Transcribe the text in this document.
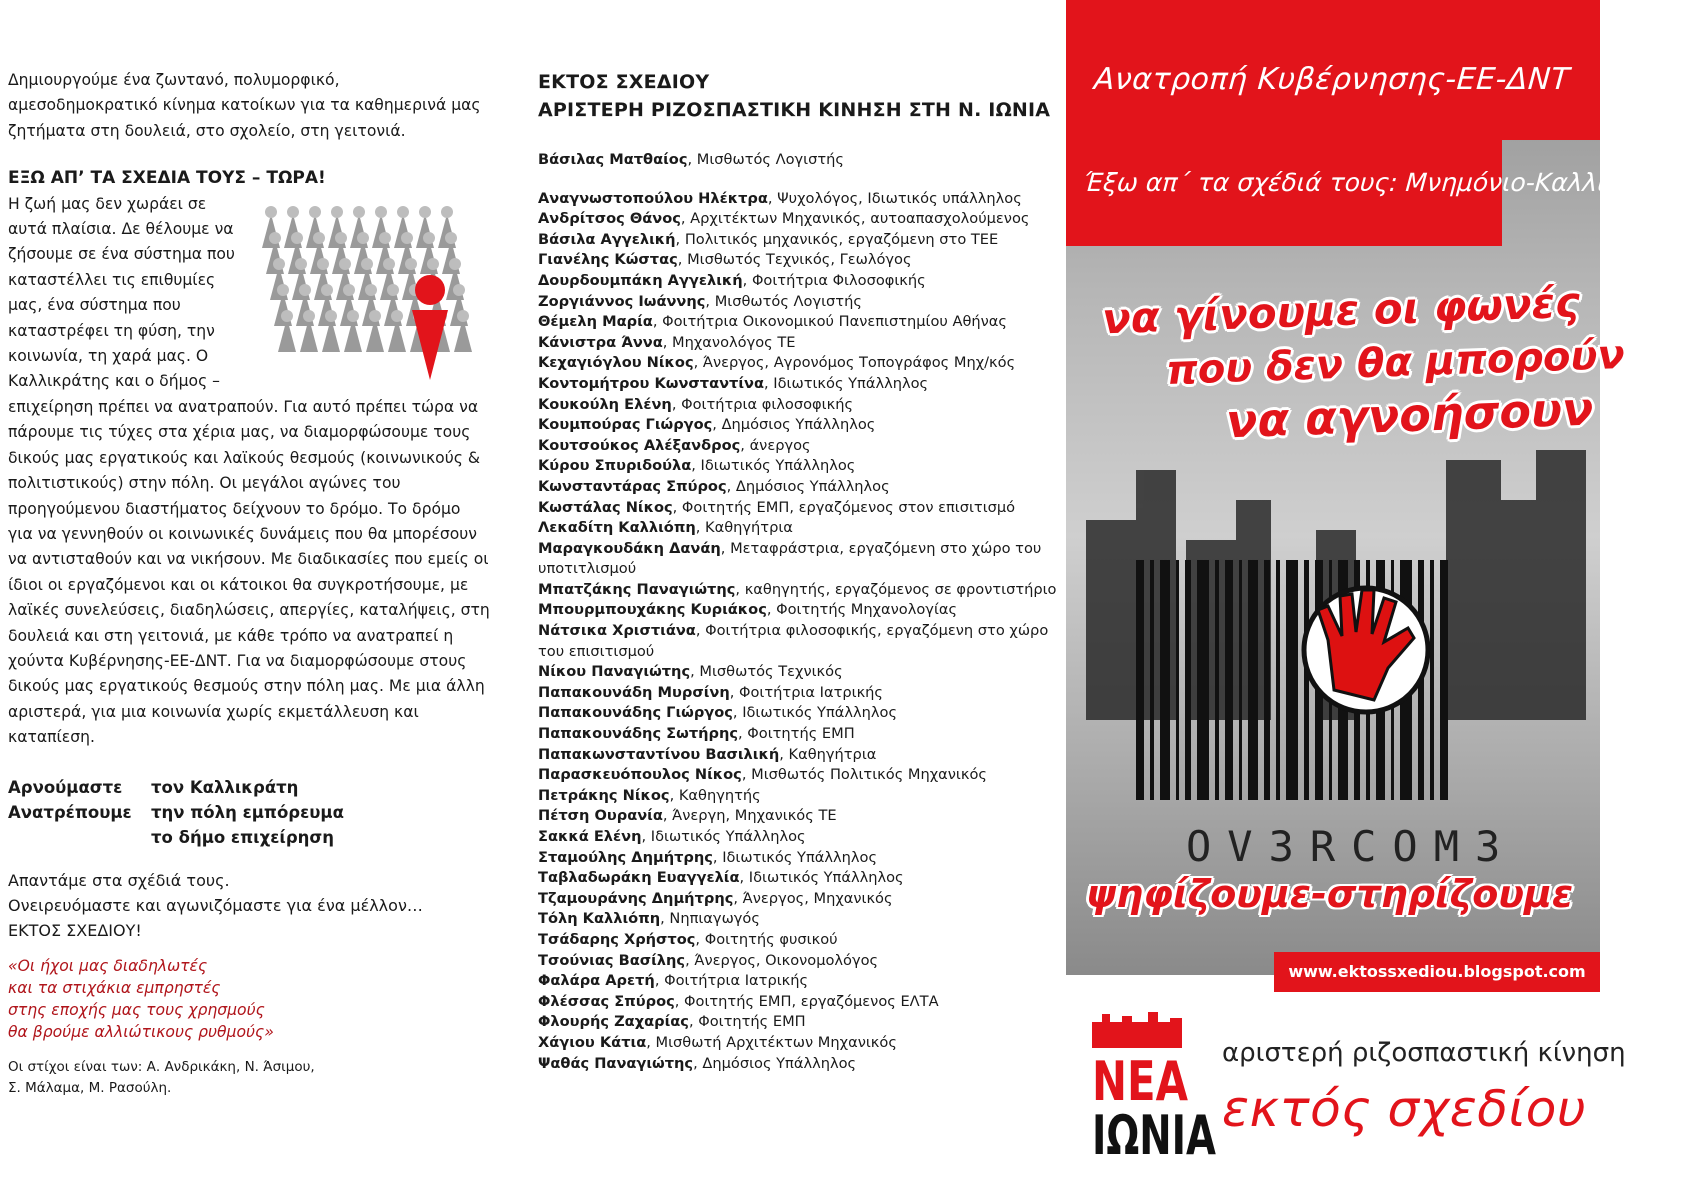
Δημιουργούμε ένα ζωντανό, πολυμορφικό, αμεσοδημοκρατικό κίνημα κατοίκων για τα καθημερινά μας ζητήματα στη δουλειά, στο σχολείο, στη γειτονιά.

ΕΞΩ ΑΠ’ ΤΑ ΣΧΕΔΙΑ ΤΟΥΣ – ΤΩΡΑ!

Η ζωή μας δεν χωράει σε αυτά πλαίσια. Δε θέλουμε να ζήσουμε σε ένα σύστημα που καταστέλλει τις επιθυμίες μας, ένα σύστημα που καταστρέφει τη φύση, την κοινωνία, τη χαρά μας. Ο Καλλικράτης και ο δήμος – επιχείρηση πρέπει να ανατραπούν. Για αυτό πρέπει τώρα να πάρουμε τις τύχες στα χέρια μας, να διαμορφώσουμε τους δικούς μας εργατικούς και λαϊκούς θεσμούς (κοινωνικούς & πολιτιστικούς) στην πόλη. Οι μεγάλοι αγώνες του προηγούμενου διαστήματος δείχνουν το δρόμο. Το δρόμο για να γεννηθούν οι κοινωνικές δυνάμεις που θα μπορέσουν να αντισταθούν και να νικήσουν. Με διαδικασίες που εμείς οι ίδιοι οι εργαζόμενοι και οι κάτοικοι θα συγκροτήσουμε, με λαϊκές συνελεύσεις, διαδηλώσεις, απεργίες, καταλήψεις, στη δουλειά και στη γειτονιά, με κάθε τρόπο να ανατραπεί η χούντα Κυβέρνησης-ΕΕ-ΔΝΤ. Για να διαμορφώσουμε στους δικούς μας εργατικούς θεσμούς στην πόλη μας. Με μια άλλη αριστερά, για μια κοινωνία χωρίς εκμετάλλευση και καταπίεση.

Αρνούμαστε	τον Καλλικράτη
Ανατρέπουμε	την πόλη εμπόρευμα
το δήμο επιχείρηση
Απαντάμε στα σχέδιά τους.
Ονειρευόμαστε και αγωνιζόμαστε για ένα μέλλον…
ΕΚΤΟΣ ΣΧΕΔΙΟΥ!
«Οι ήχοι μας διαδηλωτές
και τα στιχάκια εμπρηστές
στης εποχής μας τους χρησμούς
θα βρούμε αλλιώτικους ρυθμούς»
Οι στίχοι είναι των: Α. Ανδρικάκη, Ν. Άσιμου,
Σ. Μάλαμα, Μ. Ρασούλη.
ΕΚΤΟΣ ΣΧΕΔΙΟΥ
ΑΡΙΣΤΕΡΗ ΡΙΖΟΣΠΑΣΤΙΚΗ ΚΙΝΗΣΗ ΣΤΗ Ν. ΙΩΝΙΑ

Βάσιλας Ματθαίος, Μισθωτός Λογιστής

Αναγνωστοπούλου Ηλέκτρα, Ψυχολόγος, Ιδιωτικός υπάλληλος

Ανδρίτσος Θάνος, Αρχιτέκτων Μηχανικός, αυτοαπασχολούμενος

Βάσιλα Αγγελική, Πολιτικός μηχανικός, εργαζόμενη στο ΤΕΕ

Γιανέλης Κώστας, Μισθωτός Τεχνικός, Γεωλόγος

Δουρδουμπάκη Αγγελική, Φοιτήτρια Φιλοσοφικής

Ζοργιάννος Ιωάννης, Μισθωτός Λογιστής

Θέμελη Μαρία, Φοιτήτρια Οικονομικού Πανεπιστημίου Αθήνας

Κάνιστρα Άννα, Μηχανολόγος ΤΕ

Κεχαγιόγλου Νίκος, Άνεργος, Αγρονόμος Τοπογράφος Μηχ/κός

Κοντομήτρου Κωνσταντίνα, Ιδιωτικός Υπάλληλος

Κουκούλη Ελένη, Φοιτήτρια φιλοσοφικής

Κουμπούρας Γιώργος, Δημόσιος Υπάλληλος

Κουτσούκος Αλέξανδρος, άνεργος

Κύρου Σπυριδούλα, Ιδιωτικός Υπάλληλος

Κωνσταντάρας Σπύρος, Δημόσιος Υπάλληλος

Κωστάλας Νίκος, Φοιτητής ΕΜΠ, εργαζόμενος στον επισιτισμό

Λεκαδίτη Καλλιόπη, Καθηγήτρια

Μαραγκουδάκη Δανάη, Μεταφράστρια, εργαζόμενη στο χώρο του υποτιτλισμού

Μπατζάκης Παναγιώτης, καθηγητής, εργαζόμενος σε φροντιστήριο

Μπουρμπουχάκης Κυριάκος, Φοιτητής Μηχανολογίας

Νάτσικα Χριστιάνα, Φοιτήτρια φιλοσοφικής, εργαζόμενη στο χώρο του επισιτισμού

Νίκου Παναγιώτης, Μισθωτός Τεχνικός

Παπακουνάδη Μυρσίνη, Φοιτήτρια Ιατρικής

Παπακουνάδης Γιώργος, Ιδιωτικός Υπάλληλος

Παπακουνάδης Σωτήρης, Φοιτητής ΕΜΠ

Παπακωνσταντίνου Βασιλική, Καθηγήτρια

Παρασκευόπουλος Νίκος, Μισθωτός Πολιτικός Μηχανικός

Πετράκης Νίκος, Καθηγητής

Πέτση Ουρανία, Άνεργη, Μηχανικός ΤΕ

Σακκά Ελένη, Ιδιωτικός Υπάλληλος

Σταμούλης Δημήτρης, Ιδιωτικός Υπάλληλος

Ταβλαδωράκη Ευαγγελία, Ιδιωτικός Υπάλληλος

Τζαμουράνης Δημήτρης, Άνεργος, Μηχανικός

Τόλη Καλλιόπη, Νηπιαγωγός

Τσάδαρης Χρήστος, Φοιτητής φυσικού

Τσούνιας Βασίλης, Άνεργος, Οικονομολόγος

Φαλάρα Αρετή, Φοιτήτρια Ιατρικής

Φλέσσας Σπύρος, Φοιτητής ΕΜΠ, εργαζόμενος ΕΛΤΑ

Φλουρής Ζαχαρίας, Φοιτητής ΕΜΠ

Χάγιου Κάτια, Μισθωτή Αρχιτέκτων Μηχανικός

Ψαθάς Παναγιώτης, Δημόσιος Υπάλληλος

Ανατροπή Κυβέρνησης-ΕΕ-ΔΝΤ
Έξω απ΄ τα σχέδιά τους: Μνημόνιο-Καλλικράτης
να γίνουμε οι φωνές
που δεν θα μπορούν
να αγνοήσουν
OV3RCOM3
ψηφίζουμε-στηρίζουμε
www.ektossxediou.blogspot.com
ΝΕΑ
ΙΩΝΙΑ
αριστερή ριζοσπαστική κίνηση
εκτός σχεδίου
